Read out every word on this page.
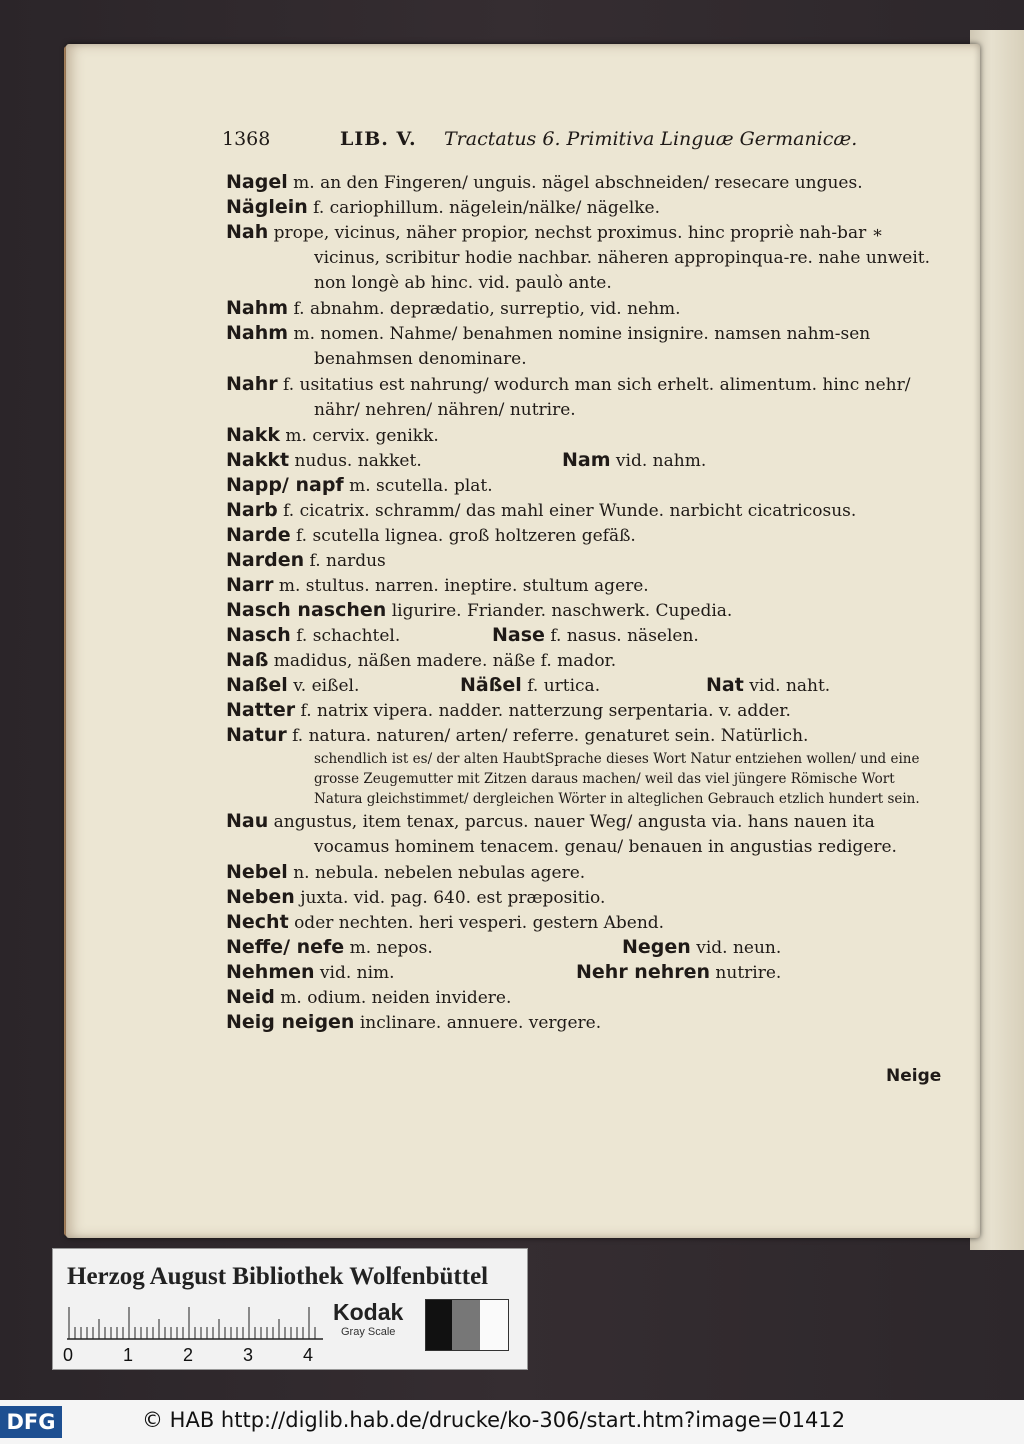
1368	LIB. V. Tractatus 6. Primitiva Linguæ Germanicæ.
Nagel m. an den Fingeren/ unguis. nägel abschneiden/ resecare ungues.
Näglein f. cariophillum. nägelein/nälke/ nägelke.
Nah prope, vicinus, näher propior, nechst proximus. hinc propriè nah-bar ∗ vicinus, scribitur hodie nachbar. näheren appropinqua-re. nahe unweit. non longè ab hinc. vid. paulò ante.
Nahm f. abnahm. deprædatio, surreptio, vid. nehm.
Nahm m. nomen. Nahme/ benahmen nomine insignire. namsen nahm-sen benahmsen denominare.
Nahr f. usitatius est nahrung/ wodurch man sich erhelt. alimentum. hinc nehr/ nähr/ nehren/ nähren/ nutrire.
Nakk m. cervix. genikk.
Nakkt nudus. nakket.	Nam vid. nahm.
Napp/ napf m. scutella. plat.
Narb f. cicatrix. schramm/ das mahl einer Wunde. narbicht cicatricosus.
Narde f. scutella lignea. groß holtzeren gefäß.
Narden f. nardus
Narr m. stultus. narren. ineptire. stultum agere.
Nasch naschen ligurire. Friander. naschwerk. Cupedia.
Nasch f. schachtel.	Nase f. nasus. näselen.
Naß madidus, näßen madere. näße f. mador.
Naßel v. eißel.	Näßel f. urtica.	Nat vid. naht.
Natter f. natrix vipera. nadder. natterzung serpentaria. v. adder.
Natur f. natura. naturen/ arten/ referre. genaturet sein. Natürlich.
schendlich ist es/ der alten HaubtSprache dieses Wort Natur entziehen wollen/ und eine grosse Zeugemutter mit Zitzen daraus machen/ weil das viel jüngere Römische Wort Natura gleichstimmet/ dergleichen Wörter in alteglichen Gebrauch etzlich hundert sein.
Nau angustus, item tenax, parcus. nauer Weg/ angusta via. hans nauen ita vocamus hominem tenacem. genau/ benauen in angustias redigere.
Nebel n. nebula. nebelen nebulas agere.
Neben juxta. vid. pag. 640. est præpositio.
Necht oder nechten. heri vesperi. gestern Abend.
Neffe/ nefe m. nepos.	Negen vid. neun.
Nehmen vid. nim.	Nehr nehren nutrire.
Neid m. odium. neiden invidere.
Neig neigen inclinare. annuere. vergere.
Neige
Herzog August Bibliothek Wolfenbüttel
0	1	2	3	4
Kodak
Gray Scale
DFG	© HAB http://diglib.hab.de/drucke/ko-306/start.htm?image=01412
